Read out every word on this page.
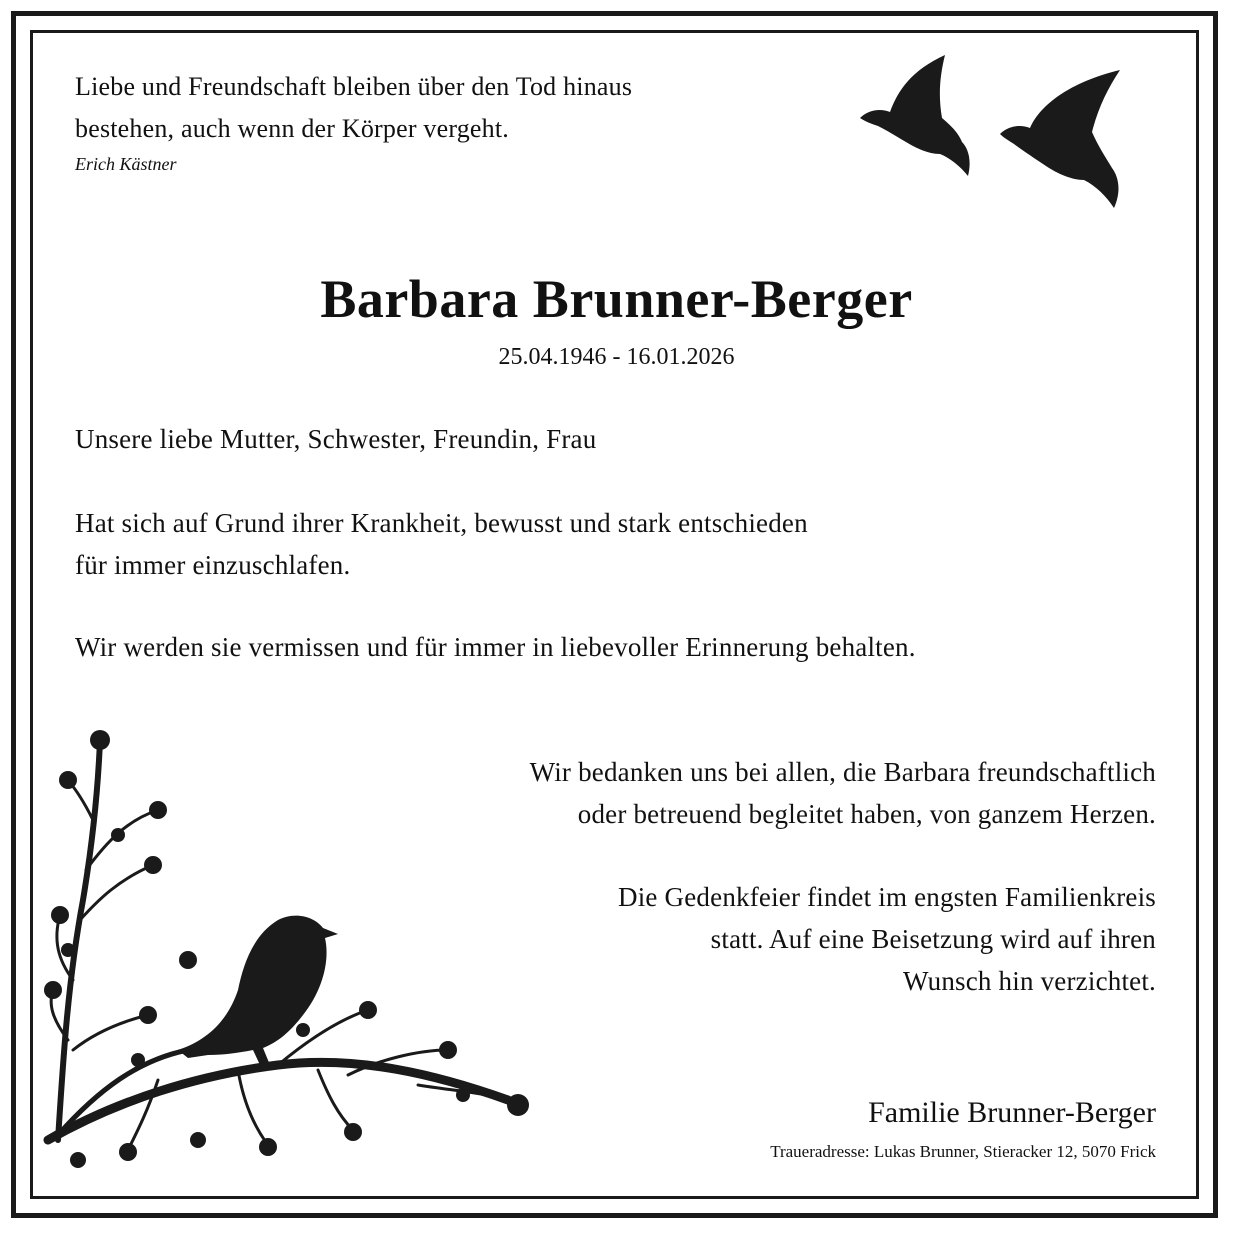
Liebe und Freundschaft bleiben über den Tod hinaus
bestehen, auch wenn der Körper vergeht.
Erich Kästner
Barbara Brunner-Berger
25.04.1946 - 16.01.2026
Unsere liebe Mutter, Schwester, Freundin, Frau
Hat sich auf Grund ihrer Krankheit, bewusst und stark entschieden
für immer einzuschlafen.
Wir werden sie vermissen und für immer in liebevoller Erinnerung behalten.
Wir bedanken uns bei allen, die Barbara freundschaftlich
oder betreuend begleitet haben, von ganzem Herzen.
Die Gedenkfeier findet im engsten Familienkreis
statt. Auf eine Beisetzung wird auf ihren
Wunsch hin verzichtet.
Familie Brunner-Berger
Traueradresse: Lukas Brunner, Stieracker 12, 5070 Frick
